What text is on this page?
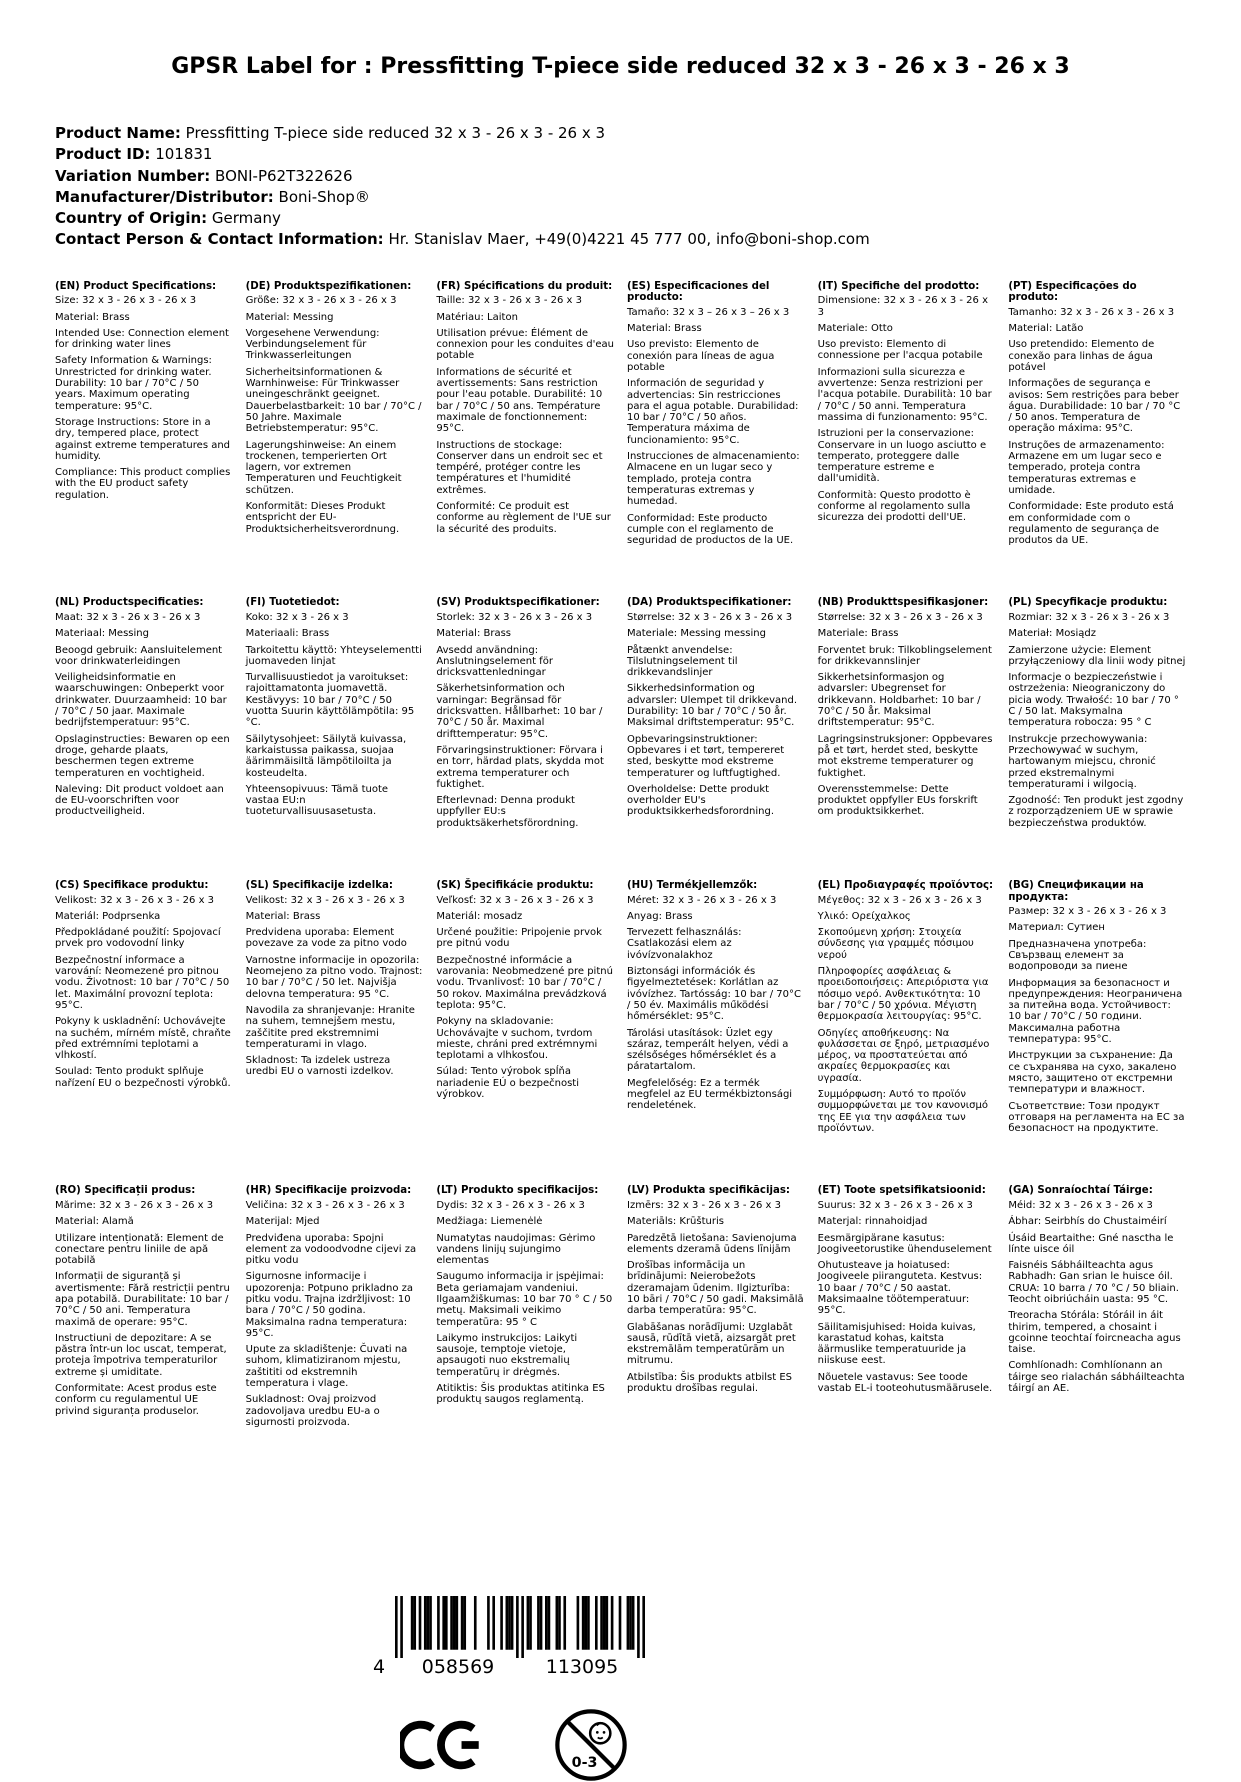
GPSR Label for : Pressfitting T-piece side reduced 32 x 3 - 26 x 3 - 26 x 3
Product Name: Pressfitting T-piece side reduced 32 x 3 - 26 x 3 - 26 x 3
Product ID: 101831
Variation Number: BONI-P62T322626
Manufacturer/Distributor: Boni-Shop®
Country of Origin: Germany
Contact Person & Contact Information: Hr. Stanislav Maer, +49(0)4221 45 777 00, info@boni-shop.com
(EN) Product Specifications:

Size: 32 x 3 - 26 x 3 - 26 x 3

Material: Brass

Intended Use: Connection element for drinking water lines

Safety Information & Warnings: Unrestricted for drinking water. Durability: 10 bar / 70°C / 50 years. Maximum operating temperature: 95°C.

Storage Instructions: Store in a dry, tempered place, protect against extreme temperatures and humidity.

Compliance: This product complies with the EU product safety regulation.

(DE) Produktspezifikationen:

Größe: 32 x 3 - 26 x 3 - 26 x 3

Material: Messing

Vorgesehene Verwendung: Verbindungselement für Trinkwasserleitungen

Sicherheitsinformationen & Warnhinweise: Für Trinkwasser uneingeschränkt geeignet. Dauerbelastbarkeit: 10 bar / 70°C / 50 Jahre. Maximale Betriebstemperatur: 95°C.

Lagerungshinweise: An einem trockenen, temperierten Ort lagern, vor extremen Temperaturen und Feuchtigkeit schützen.

Konformität: Dieses Produkt entspricht der EU-Produktsicherheitsverordnung.

(FR) Spécifications du produit:

Taille: 32 x 3 - 26 x 3 - 26 x 3

Matériau: Laiton

Utilisation prévue: Élément de connexion pour les conduites d'eau potable

Informations de sécurité et avertissements: Sans restriction pour l'eau potable. Durabilité: 10 bar / 70°C / 50 ans. Température maximale de fonctionnement: 95°C.

Instructions de stockage: Conserver dans un endroit sec et tempéré, protéger contre les températures et l'humidité extrêmes.

Conformité: Ce produit est conforme au règlement de l'UE sur la sécurité des produits.

(ES) Especificaciones del producto:

Tamaño: 32 x 3 – 26 x 3 – 26 x 3

Material: Brass

Uso previsto: Elemento de conexión para líneas de agua potable

Información de seguridad y advertencias: Sin restricciones para el agua potable. Durabilidad: 10 bar / 70°C / 50 años. Temperatura máxima de funcionamiento: 95°C.

Instrucciones de almacenamiento: Almacene en un lugar seco y templado, proteja contra temperaturas extremas y humedad.

Conformidad: Este producto cumple con el reglamento de seguridad de productos de la UE.

(IT) Specifiche del prodotto:

Dimensione: 32 x 3 - 26 x 3 - 26 x 3

Materiale: Otto

Uso previsto: Elemento di connessione per l'acqua potabile

Informazioni sulla sicurezza e avvertenze: Senza restrizioni per l'acqua potabile. Durabilità: 10 bar / 70°C / 50 anni. Temperatura massima di funzionamento: 95°C.

Istruzioni per la conservazione: Conservare in un luogo asciutto e temperato, proteggere dalle temperature estreme e dall'umidità.

Conformità: Questo prodotto è conforme al regolamento sulla sicurezza dei prodotti dell'UE.

(PT) Especificações do produto:

Tamanho: 32 x 3 - 26 x 3 - 26 x 3

Material: Latão

Uso pretendido: Elemento de conexão para linhas de água potável

Informações de segurança e avisos: Sem restrições para beber água. Durabilidade: 10 bar / 70 °C / 50 anos. Temperatura de operação máxima: 95°C.

Instruções de armazenamento: Armazene em um lugar seco e temperado, proteja contra temperaturas extremas e umidade.

Conformidade: Este produto está em conformidade com o regulamento de segurança de produtos da UE.

(NL) Productspecificaties:

Maat: 32 x 3 - 26 x 3 - 26 x 3

Materiaal: Messing

Beoogd gebruik: Aansluitelement voor drinkwaterleidingen

Veiligheidsinformatie en waarschuwingen: Onbeperkt voor drinkwater. Duurzaamheid: 10 bar / 70°C / 50 jaar. Maximale bedrijfstemperatuur: 95°C.

Opslaginstructies: Bewaren op een droge, geharde plaats, beschermen tegen extreme temperaturen en vochtigheid.

Naleving: Dit product voldoet aan de EU-voorschriften voor productveiligheid.

(FI) Tuotetiedot:

Koko: 32 x 3 - 26 x 3

Materiaali: Brass

Tarkoitettu käyttö: Yhteyselementti juomaveden linjat

Turvallisuustiedot ja varoitukset: rajoittamatonta juomavettä. Kestävyys: 10 bar / 70°C / 50 vuotta Suurin käyttölämpötila: 95 °C.

Säilytysohjeet: Säilytä kuivassa, karkaistussa paikassa, suojaa äärimmäisiltä lämpötiloilta ja kosteudelta.

Yhteensopivuus: Tämä tuote vastaa EU:n tuoteturvallisuusasetusta.

(SV) Produktspecifikationer:

Storlek: 32 x 3 - 26 x 3 - 26 x 3

Material: Brass

Avsedd användning: Anslutningselement för dricksvattenledningar

Säkerhetsinformation och varningar: Begränsad för dricksvatten. Hållbarhet: 10 bar / 70°C / 50 år. Maximal drifttemperatur: 95°C.

Förvaringsinstruktioner: Förvara i en torr, härdad plats, skydda mot extrema temperaturer och fuktighet.

Efterlevnad: Denna produkt uppfyller EU:s produktsäkerhetsförordning.

(DA) Produktspecifikationer:

Størrelse: 32 x 3 - 26 x 3 - 26 x 3

Materiale: Messing messing

Påtænkt anvendelse: Tilslutningselement til drikkevandslinjer

Sikkerhedsinformation og advarsler: Ulempet til drikkevand. Durability: 10 bar / 70°C / 50 år. Maksimal driftstemperatur: 95°C.

Opbevaringsinstruktioner: Opbevares i et tørt, tempereret sted, beskytte mod ekstreme temperaturer og luftfugtighed.

Overholdelse: Dette produkt overholder EU's produktsikkerhedsforordning.

(NB) Produkttspesifikasjoner:

Størrelse: 32 x 3 - 26 x 3 - 26 x 3

Materiale: Brass

Forventet bruk: Tilkoblingselement for drikkevannslinjer

Sikkerhetsinformasjon og advarsler: Ubegrenset for drikkevann. Holdbarhet: 10 bar / 70°C / 50 år. Maksimal driftstemperatur: 95°C.

Lagringsinstruksjoner: Oppbevares på et tørt, herdet sted, beskytte mot ekstreme temperaturer og fuktighet.

Overensstemmelse: Dette produktet oppfyller EUs forskrift om produktsikkerhet.

(PL) Specyfikacje produktu:

Rozmiar: 32 x 3 - 26 x 3 - 26 x 3

Materiał: Mosiądz

Zamierzone użycie: Element przyłączeniowy dla linii wody pitnej

Informacje o bezpieczeństwie i ostrzeżenia: Nieograniczony do picia wody. Trwałość: 10 bar / 70 ° C / 50 lat. Maksymalna temperatura robocza: 95 ° C

Instrukcje przechowywania: Przechowywać w suchym, hartowanym miejscu, chronić przed ekstremalnymi temperaturami i wilgocią.

Zgodność: Ten produkt jest zgodny z rozporządzeniem UE w sprawie bezpieczeństwa produktów.

(CS) Specifikace produktu:

Velikost: 32 x 3 - 26 x 3 - 26 x 3

Materiál: Podprsenka

Předpokládané použití: Spojovací prvek pro vodovodní linky

Bezpečnostní informace a varování: Neomezené pro pitnou vodu. Životnost: 10 bar / 70°C / 50 let. Maximální provozní teplota: 95°C.

Pokyny k uskladnění: Uchovávejte na suchém, mírném místě, chraňte před extrémními teplotami a vlhkostí.

Soulad: Tento produkt splňuje nařízení EU o bezpečnosti výrobků.

(SL) Specifikacije izdelka:

Velikost: 32 x 3 - 26 x 3 - 26 x 3

Material: Brass

Predvidena uporaba: Element povezave za vode za pitno vodo

Varnostne informacije in opozorila: Neomejeno za pitno vodo. Trajnost: 10 bar / 70°C / 50 let. Najvišja delovna temperatura: 95 °C.

Navodila za shranjevanje: Hranite na suhem, temnejšem mestu, zaščitite pred ekstremnimi temperaturami in vlago.

Skladnost: Ta izdelek ustreza uredbi EU o varnosti izdelkov.

(SK) Špecifikácie produktu:

Veľkosť: 32 x 3 - 26 x 3 - 26 x 3

Materiál: mosadz

Určené použitie: Pripojenie prvok pre pitnú vodu

Bezpečnostné informácie a varovania: Neobmedzené pre pitnú vodu. Trvanlivosť: 10 bar / 70°C / 50 rokov. Maximálna prevádzková teplota: 95°C.

Pokyny na skladovanie: Uchovávajte v suchom, tvrdom mieste, chráni pred extrémnymi teplotami a vlhkosťou.

Súlad: Tento výrobok spĺňa nariadenie EÚ o bezpečnosti výrobkov.

(HU) Termékjellemzők:

Méret: 32 x 3 - 26 x 3 - 26 x 3

Anyag: Brass

Tervezett felhasználás: Csatlakozási elem az ivóvízvonalakhoz

Biztonsági információk és figyelmeztetések: Korlátlan az ivóvízhez. Tartósság: 10 bar / 70°C / 50 év. Maximális működési hőmérséklet: 95°C.

Tárolási utasítások: Üzlet egy száraz, temperált helyen, védi a szélsőséges hőmérséklet és a páratartalom.

Megfelelőség: Ez a termék megfelel az EU termékbiztonsági rendeletének.

(EL) Προδιαγραφές προϊόντος:

Μέγεθος: 32 x 3 - 26 x 3 - 26 x 3

Υλικό: Ορείχαλκος

Σκοπούμενη χρήση: Στοιχεία σύνδεσης για γραμμές πόσιμου νερού

Πληροφορίες ασφάλειας & προειδοποιήσεις: Απεριόριστα για πόσιμο νερό. Ανθεκτικότητα: 10 bar / 70°C / 50 χρόνια. Μέγιστη θερμοκρασία λειτουργίας: 95°C.

Οδηγίες αποθήκευσης: Να φυλάσσεται σε ξηρό, μετριασμένο μέρος, να προστατεύεται από ακραίες θερμοκρασίες και υγρασία.

Συμμόρφωση: Αυτό το προϊόν συμμορφώνεται με τον κανονισμό της ΕΕ για την ασφάλεια των προϊόντων.

(BG) Спецификации на продукта:

Размер: 32 x 3 - 26 x 3 - 26 x 3

Материал: Сутиен

Предназначена употреба: Свързващ елемент за водопроводи за пиене

Информация за безопасност и предупреждения: Неограничена за питейна вода. Устойчивост: 10 bar / 70°C / 50 години. Максимална работна температура: 95°C.

Инструкции за съхранение: Да се съхранява на сухо, закалено място, защитено от екстремни температури и влажност.

Съответствие: Този продукт отговаря на регламента на ЕС за безопасност на продуктите.

(RO) Specificații produs:

Mărime: 32 x 3 - 26 x 3 - 26 x 3

Material: Alamă

Utilizare intenționată: Element de conectare pentru liniile de apă potabilă

Informații de siguranță și avertismente: Fără restricții pentru apa potabilă. Durabilitate: 10 bar / 70°C / 50 ani. Temperatura maximă de operare: 95°C.

Instructiuni de depozitare: A se păstra într-un loc uscat, temperat, proteja împotriva temperaturilor extreme și umiditate.

Conformitate: Acest produs este conform cu regulamentul UE privind siguranța produselor.

(HR) Specifikacije proizvoda:

Veličina: 32 x 3 - 26 x 3 - 26 x 3

Materijal: Mjed

Predviđena uporaba: Spojni element za vodoodvodne cijevi za pitku vodu

Sigurnosne informacije i upozorenja: Potpuno prikladno za pitku vodu. Trajna izdržljivost: 10 bara / 70°C / 50 godina. Maksimalna radna temperatura: 95°C.

Upute za skladištenje: Čuvati na suhom, klimatiziranom mjestu, zaštititi od ekstremnih temperatura i vlage.

Sukladnost: Ovaj proizvod zadovoljava uredbu EU-a o sigurnosti proizvoda.

(LT) Produkto specifikacijos:

Dydis: 32 x 3 - 26 x 3 - 26 x 3

Medžiaga: Liemenėlė

Numatytas naudojimas: Gėrimo vandens linijų sujungimo elementas

Saugumo informacija ir įspėjimai: Beta geriamajam vandeniui. Ilgaamžiškumas: 10 bar 70 ° C / 50 metų. Maksimali veikimo temperatūra: 95 ° C

Laikymo instrukcijos: Laikyti sausoje, temptoje vietoje, apsaugoti nuo ekstremalių temperatūrų ir drėgmės.

Atitiktis: Šis produktas atitinka ES produktų saugos reglamentą.

(LV) Produkta specifikācijas:

Izmērs: 32 x 3 - 26 x 3 - 26 x 3

Materiāls: Krūšturis

Paredzētā lietošana: Savienojuma elements dzeramā ūdens līnijām

Drošības informācija un brīdinājumi: Neierobežots dzeramajam ūdenim. Ilgizturība: 10 bāri / 70°C / 50 gadi. Maksimālā darba temperatūra: 95°C.

Glabāšanas norādījumi: Uzglabāt sausā, rūdītā vietā, aizsargāt pret ekstremālām temperatūrām un mitrumu.

Atbilstība: Šis produkts atbilst ES produktu drošības regulai.

(ET) Toote spetsifikatsioonid:

Suurus: 32 x 3 - 26 x 3 - 26 x 3

Materjal: rinnahoidjad

Eesmärgipärane kasutus: Joogiveetorustike ühenduselement

Ohutusteave ja hoiatused: Joogiveele piiranguteta. Kestvus: 10 baar / 70°C / 50 aastat. Maksimaalne töötemperatuur: 95°C.

Säilitamisjuhised: Hoida kuivas, karastatud kohas, kaitsta äärmuslike temperatuuride ja niiskuse eest.

Nõuetele vastavus: See toode vastab EL-i tooteohutusmäärusele.

(GA) Sonraíochtaí Táirge:

Méid: 32 x 3 - 26 x 3 - 26 x 3

Ábhar: Seirbhís do Chustaiméirí

Úsáid Beartaithe: Gné nasctha le línte uisce óil

Faisnéis Sábháilteachta agus Rabhadh: Gan srian le huisce óil. CRUA: 10 barra / 70 °C / 50 bliain. Teocht oibriúcháin uasta: 95 °C.

Treoracha Stórála: Stóráil in áit thirim, tempered, a chosaint i gcoinne teochtaí foircneacha agus taise.

Comhlíonadh: Comhlíonann an táirge seo rialachán sábháilteachta táirgí an AE.

4 058569	113095
0-3
